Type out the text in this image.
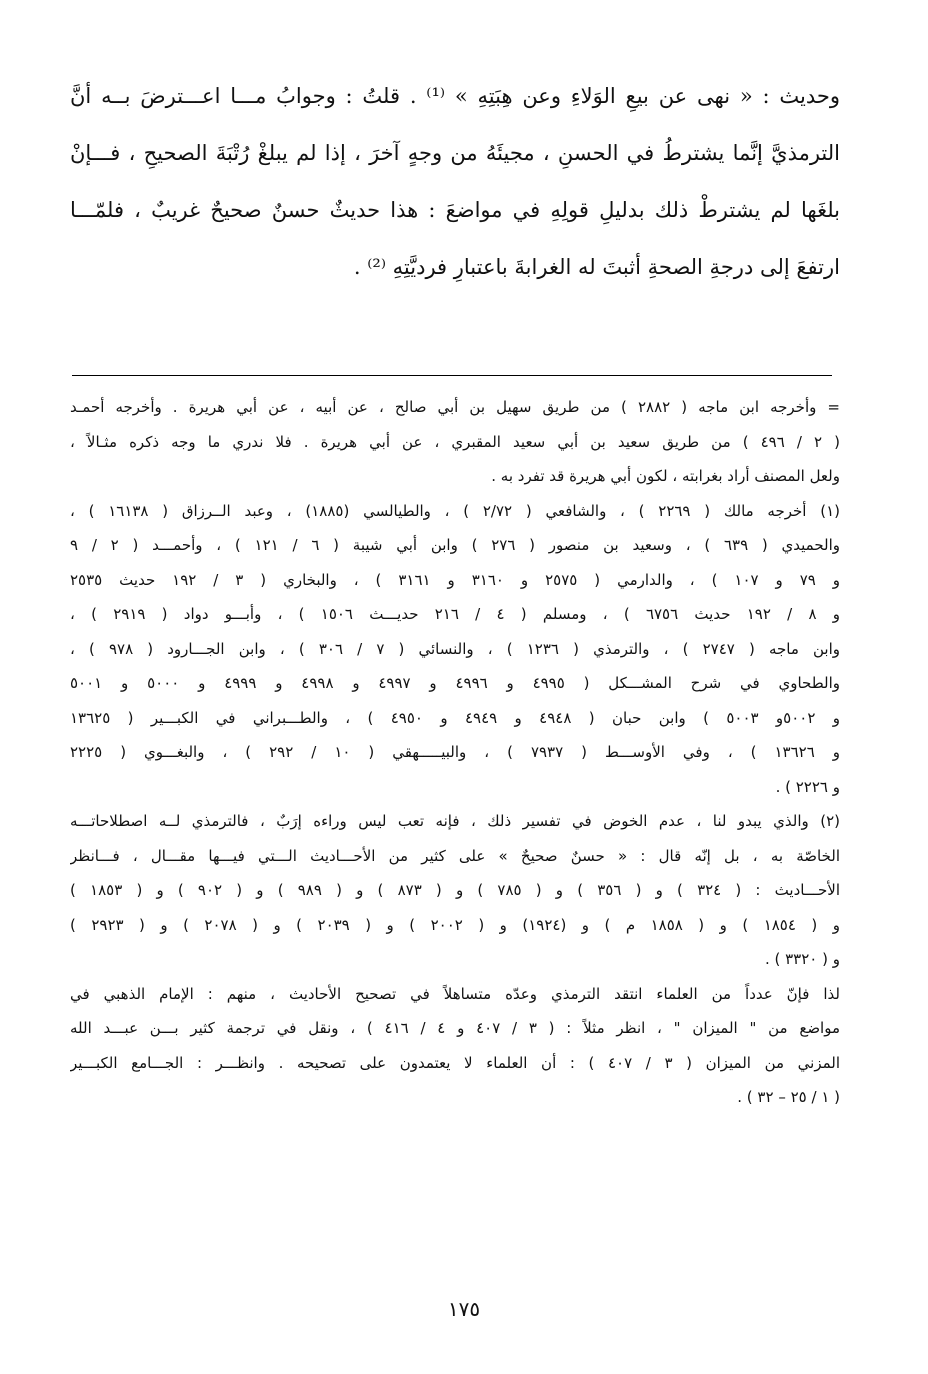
وحديث : « نهى عن بيعِ الوَلاءِ وعن هِبَتِهِ » ⁽¹⁾ . قلتُ : وجوابُ مـــا اعـــترضَ بــه أنَّ
الترمذيَّ إنَّما يشترطُ في الحسنِ ، مجيئَهُ من وجهٍ آخرَ ، إذا لم يبلغْ رُتْبَةَ الصحيحِ ، فـــإنْ
بلغَها لم يشترطْ ذلك بدليلِ قولِهِ في مواضعَ : هذا حديثٌ حسنٌ صحيحٌ غريبٌ ، فلمّـــا
ارتفعَ إلى درجةِ الصحةِ أثبتَ له الغرابةَ باعتبارِ فرديَّتِهِ ⁽²⁾ .

= وأخرجه ابن ماجه ( ٢٨٨٢ ) من طريق سهيل بن أبي صالح ، عن أبيه ، عن أبي هريرة . وأخرجه أحمـد
( ٢ / ٤٩٦ ) من طريق سعيد بن أبي سعيد المقبري ، عن أبي هريرة . فلا ندري ما وجه ذكره مثـالاً ،
ولعل المصنف أراد بغرابته ، لكون أبي هريرة قد تفرد به .
(١) أخرجه مالك ( ٢٢٦٩ ) ، والشافعي ( ٢/٧٢ ) ، والطيالسي (١٨٨٥) ، وعبد الــرزاق ( ١٦١٣٨ ) ،
والحميدي ( ٦٣٩ ) ، وسعيد بن منصور ( ٢٧٦ ) وابن أبي شيبة ( ٦ / ١٢١ ) ، وأحمـــد ( ٢ / ٩
و ٧٩ و ١٠٧ ) ، والدارمي ( ٢٥٧٥ و ٣١٦٠ و ٣١٦١ ) ، والبخاري ( ٣ / ١٩٢ حديث ٢٥٣٥
و ٨ / ١٩٢ حديث ٦٧٥٦ ) ، ومسلم ( ٤ / ٢١٦ حديـــث ١٥٠٦ ) ، وأبـــو دواد ( ٢٩١٩ ) ،
وابن ماجه ( ٢٧٤٧ ) ، والترمذي ( ١٢٣٦ ) ، والنسائي ( ٧ / ٣٠٦ ) ، وابن الجـــارود ( ٩٧٨ ) ،
والطحاوي في شرح المشـــكل ( ٤٩٩٥ و ٤٩٩٦ و ٤٩٩٧ و ٤٩٩٨ و ٤٩٩٩ و ٥٠٠٠ و ٥٠٠١
و ٥٠٠٢و ٥٠٠٣ ) وابن حبان ( ٤٩٤٨ و ٤٩٤٩ و ٤٩٥٠ ) ، والطـــبراني في الكبـــير ( ١٣٦٢٥
و ١٣٦٢٦ ) ، وفي الأوســـط ( ٧٩٣٧ ) ، والبيـــــهقي ( ١٠ / ٢٩٢ ) ، والبغـــوي ( ٢٢٢٥
و ٢٢٢٦ ) .
(٢) والذي يبدو لنا ، عدم الخوض في تفسير ذلك ، فإنه تعب ليس وراءه إرَبٌ ، فالترمذي لــه اصطلاحاتـــه
الخاصّة به ، بل إنّه قال : « حسنٌ صحيحٌ » على كثير من الأحـــاديث الـــتي فيـــها مقـــال ، فـــانظر
الأحـــاديث : ( ٣٢٤ ) و ( ٣٥٦ ) و ( ٧٨٥ ) و ( ٨٧٣ ) و ( ٩٨٩ ) و ( ٩٠٢ ) و ( ١٨٥٣ )
و ( ١٨٥٤ ) و ( ١٨٥٨ م ) و (١٩٢٤) و ( ٢٠٠٢ ) و ( ٢٠٣٩ ) و ( ٢٠٧٨ ) و ( ٢٩٢٣ )
و ( ٣٣٢٠ ) .
لذا فإنّ عدداً من العلماء انتقد الترمذي وعدّه متساهلاً في تصحيح الأحاديث ، منهم : الإمام الذهبي في
مواضع من " الميزان " ، انظر مثلاً : ( ٣ / ٤٠٧ و ٤ / ٤١٦ ) ، ونقل في ترجمة كثير بـــن عبـــد الله
المزني من الميزان ( ٣ / ٤٠٧ ) : أن العلماء لا يعتمدون على تصحيحه . وانظـــر : الجـــامع الكبـــير
( ١ / ٢٥ – ٣٢ ) .
١٧٥
